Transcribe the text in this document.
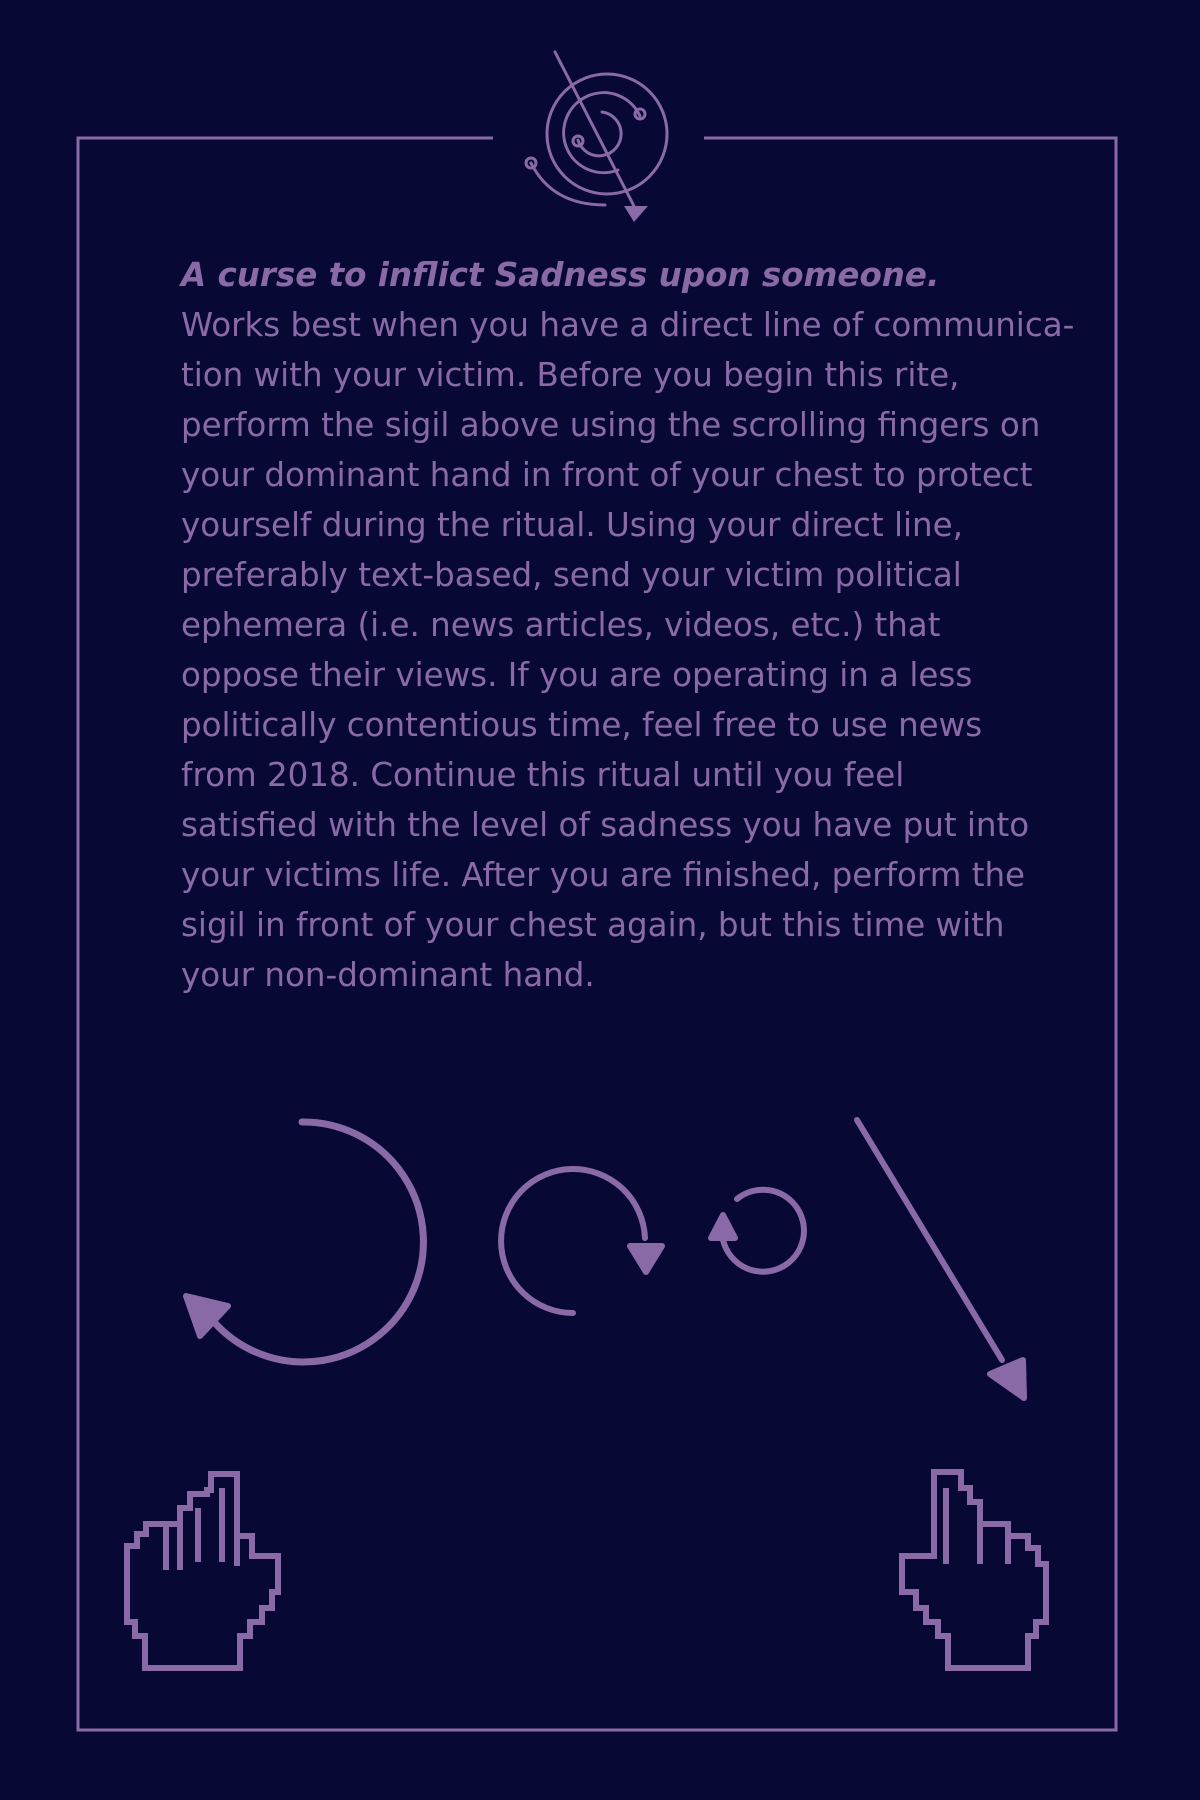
A curse to inflict Sadness upon someone.
Works best when you have a direct line of communica-
tion with your victim. Before you begin this rite,
perform the sigil above using the scrolling fingers on
your dominant hand in front of your chest to protect
yourself during the ritual. Using your direct line,
preferably text-based, send your victim political
ephemera (i.e. news articles, videos, etc.) that
oppose their views. If you are operating in a less
politically contentious time, feel free to use news
from 2018. Continue this ritual until you feel
satisfied with the level of sadness you have put into
your victims life. After you are finished, perform the
sigil in front of your chest again, but this time with
your non-dominant hand.
